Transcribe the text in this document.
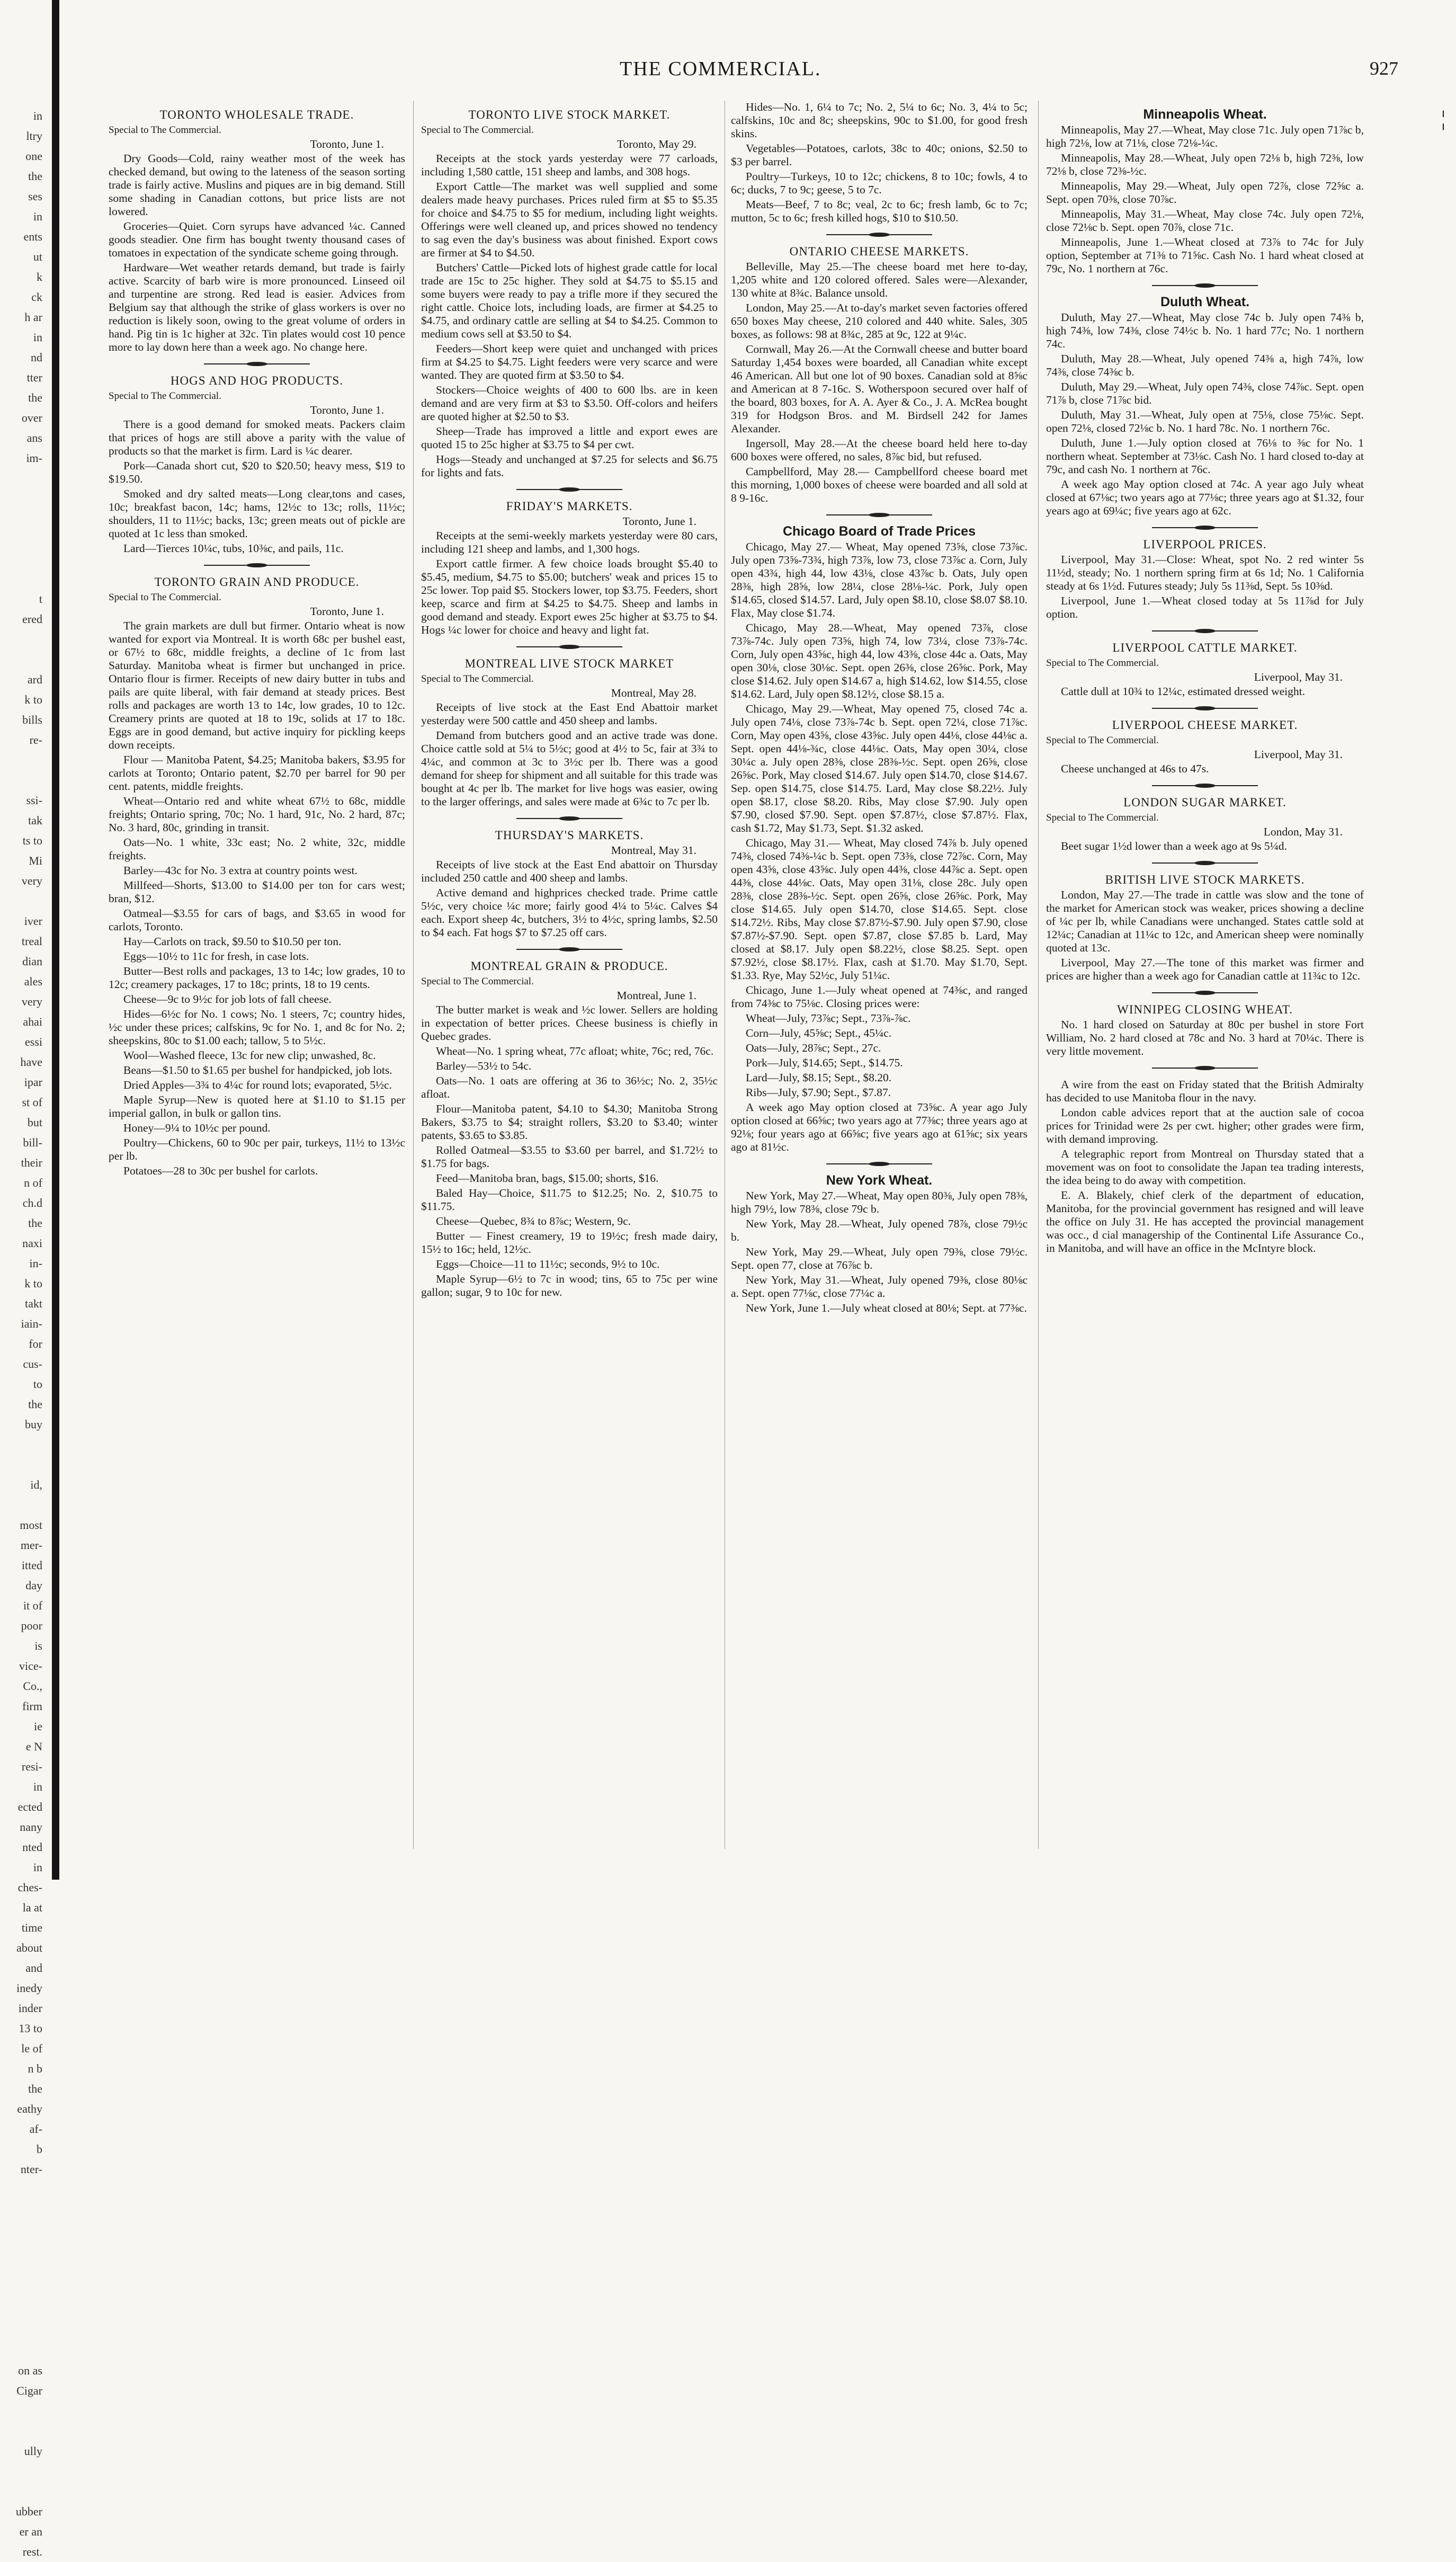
in
ltry
one
the
ses
in
ents
ut
k
ck
h ar
in
nd
tter
the
over
ans
im-
t
ered
ard
k to
bills
re-
ssi-
tak
ts to
Mi
very
iver
treal
dian
ales
very
ahai
essi
have
ipar
st of
but
bill-
their
n of
ch.d
the
naxi
in-
k to
takt
iain-
for
cus-
to
the
buy
id,
most
mer-
itted
day
it of
poor
is
vice-
Co.,
firm
ie
e N
resi-
in
ected
nany
nted
in
ches-
la at
time
about
and
inedy
inder
13 to
le of
n b
the
eathy
af-
b
nter-
on as
Cigar
ully
ubber
er an
rest.
THE COMMERCIAL.	927
¦
TORONTO WHOLESALE TRADE.
Special to The Commercial.
Toronto, June 1.

Dry Goods—Cold, rainy weather most of the week has checked demand, but owing to the lateness of the season sorting trade is fairly active. Muslins and piques are in big demand. Still some shading in Canadian cottons, but price lists are not lowered.

Groceries—Quiet. Corn syrups have advanced ¼c. Canned goods steadier. One firm has bought twenty thousand cases of tomatoes in expectation of the syndicate scheme going through.

Hardware—Wet weather retards demand, but trade is fairly active. Scarcity of barb wire is more pronounced. Linseed oil and turpentine are strong. Red lead is easier. Advices from Belgium say that although the strike of glass workers is over no reduction is likely soon, owing to the great volume of orders in hand. Pig tin is 1c higher at 32c. Tin plates would cost 10 pence more to lay down here than a week ago. No change here.

HOGS AND HOG PRODUCTS.
Special to The Commercial.
Toronto, June 1.

There is a good demand for smoked meats. Packers claim that prices of hogs are still above a parity with the value of products so that the market is firm. Lard is ¼c dearer.

Pork—Canada short cut, $20 to $20.50; heavy mess, $19 to $19.50.

Smoked and dry salted meats—Long clear,tons and cases, 10c; breakfast bacon, 14c; hams, 12½c to 13c; rolls, 11½c; shoulders, 11 to 11½c; backs, 13c; green meats out of pickle are quoted at 1c less than smoked.

Lard—Tierces 10¼c, tubs, 10⅜c, and pails, 11c.

TORONTO GRAIN AND PRODUCE.
Special to The Commercial.
Toronto, June 1.

The grain markets are dull but firmer. Ontario wheat is now wanted for export via Montreal. It is worth 68c per bushel east, or 67½ to 68c, middle freights, a decline of 1c from last Saturday. Manitoba wheat is firmer but unchanged in price. Ontario flour is firmer. Receipts of new dairy butter in tubs and pails are quite liberal, with fair demand at steady prices. Best rolls and packages are worth 13 to 14c, low grades, 10 to 12c. Creamery prints are quoted at 18 to 19c, solids at 17 to 18c. Eggs are in good demand, but active inquiry for pickling keeps down receipts.

Flour — Manitoba Patent, $4.25; Manitoba bakers, $3.95 for carlots at Toronto; Ontario patent, $2.70 per barrel for 90 per cent. patents, middle freights.

Wheat—Ontario red and white wheat 67½ to 68c, middle freights; Ontario spring, 70c; No. 1 hard, 91c, No. 2 hard, 87c; No. 3 hard, 80c, grinding in transit.

Oats—No. 1 white, 33c east; No. 2 white, 32c, middle freights.

Barley—43c for No. 3 extra at country points west.

Millfeed—Shorts, $13.00 to $14.00 per ton for cars west; bran, $12.

Oatmeal—$3.55 for cars of bags, and $3.65 in wood for carlots, Toronto.

Hay—Carlots on track, $9.50 to $10.50 per ton.

Eggs—10½ to 11c for fresh, in case lots.

Butter—Best rolls and packages, 13 to 14c; low grades, 10 to 12c; creamery packages, 17 to 18c; prints, 18 to 19 cents.

Cheese—9c to 9½c for job lots of fall cheese.

Hides—6½c for No. 1 cows; No. 1 steers, 7c; country hides, ½c under these prices; calfskins, 9c for No. 1, and 8c for No. 2; sheepskins, 80c to $1.00 each; tallow, 5 to 5½c.

Wool—Washed fleece, 13c for new clip; unwashed, 8c.

Beans—$1.50 to $1.65 per bushel for handpicked, job lots.

Dried Apples—3¾ to 4¼c for round lots; evaporated, 5½c.

Maple Syrup—New is quoted here at $1.10 to $1.15 per imperial gallon, in bulk or gallon tins.

Honey—9¼ to 10½c per pound.

Poultry—Chickens, 60 to 90c per pair, turkeys, 11½ to 13½c per lb.

Potatoes—28 to 30c per bushel for carlots.

TORONTO LIVE STOCK MARKET.
Special to The Commercial.
Toronto, May 29.

Receipts at the stock yards yesterday were 77 carloads, including 1,580 cattle, 151 sheep and lambs, and 308 hogs.

Export Cattle—The market was well supplied and some dealers made heavy purchases. Prices ruled firm at $5 to $5.35 for choice and $4.75 to $5 for medium, including light weights. Offerings were well cleaned up, and prices showed no tendency to sag even the day's business was about finished. Export cows are firmer at $4 to $4.50.

Butchers' Cattle—Picked lots of highest grade cattle for local trade are 15c to 25c higher. They sold at $4.75 to $5.15 and some buyers were ready to pay a trifle more if they secured the right cattle. Choice lots, including loads, are firmer at $4.25 to $4.75, and ordinary cattle are selling at $4 to $4.25. Common to medium cows sell at $3.50 to $4.

Feeders—Short keep were quiet and unchanged with prices firm at $4.25 to $4.75. Light feeders were very scarce and were wanted. They are quoted firm at $3.50 to $4.

Stockers—Choice weights of 400 to 600 lbs. are in keen demand and are very firm at $3 to $3.50. Off-colors and heifers are quoted higher at $2.50 to $3.

Sheep—Trade has improved a little and export ewes are quoted 15 to 25c higher at $3.75 to $4 per cwt.

Hogs—Steady and unchanged at $7.25 for selects and $6.75 for lights and fats.

FRIDAY'S MARKETS.
Toronto, June 1.

Receipts at the semi-weekly markets yesterday were 80 cars, including 121 sheep and lambs, and 1,300 hogs.

Export cattle firmer. A few choice loads brought $5.40 to $5.45, medium, $4.75 to $5.00; butchers' weak and prices 15 to 25c lower. Top paid $5. Stockers lower, top $3.75. Feeders, short keep, scarce and firm at $4.25 to $4.75. Sheep and lambs in good demand and steady. Export ewes 25c higher at $3.75 to $4. Hogs ¼c lower for choice and heavy and light fat.

MONTREAL LIVE STOCK MARKET
Special to The Commercial.
Montreal, May 28.

Receipts of live stock at the East End Abattoir market yesterday were 500 cattle and 450 sheep and lambs.

Demand from butchers good and an active trade was done. Choice cattle sold at 5¼ to 5½c; good at 4½ to 5c, fair at 3¾ to 4¼c, and common at 3c to 3½c per lb. There was a good demand for sheep for shipment and all suitable for this trade was bought at 4c per lb. The market for live hogs was easier, owing to the larger offerings, and sales were made at 6¾c to 7c per lb.

THURSDAY'S MARKETS.
Montreal, May 31.

Receipts of live stock at the East End abattoir on Thursday included 250 cattle and 400 sheep and lambs.

Active demand and highprices checked trade. Prime cattle 5½c, very choice ¼c more; fairly good 4¼ to 5¼c. Calves $4 each. Export sheep 4c, butchers, 3½ to 4½c, spring lambs, $2.50 to $4 each. Fat hogs $7 to $7.25 off cars.

MONTREAL GRAIN & PRODUCE.
Special to The Commercial.
Montreal, June 1.

The butter market is weak and ½c lower. Sellers are holding in expectation of better prices. Cheese business is chiefly in Quebec grades.

Wheat—No. 1 spring wheat, 77c afloat; white, 76c; red, 76c.

Barley—53½ to 54c.

Oats—No. 1 oats are offering at 36 to 36½c; No. 2, 35½c afloat.

Flour—Manitoba patent, $4.10 to $4.30; Manitoba Strong Bakers, $3.75 to $4; straight rollers, $3.20 to $3.40; winter patents, $3.65 to $3.85.

Rolled Oatmeal—$3.55 to $3.60 per barrel, and $1.72½ to $1.75 for bags.

Feed—Manitoba bran, bags, $15.00; shorts, $16.

Baled Hay—Choice, $11.75 to $12.25; No. 2, $10.75 to $11.75.

Cheese—Quebec, 8¾ to 8⅞c; Western, 9c.

Butter — Finest creamery, 19 to 19½c; fresh made dairy, 15½ to 16c; held, 12½c.

Eggs—Choice—11 to 11½c; seconds, 9½ to 10c.

Maple Syrup—6½ to 7c in wood; tins, 65 to 75c per wine gallon; sugar, 9 to 10c for new.

Hides—No. 1, 6¼ to 7c; No. 2, 5¼ to 6c; No. 3, 4¼ to 5c; calfskins, 10c and 8c; sheepskins, 90c to $1.00, for good fresh skins.

Vegetables—Potatoes, carlots, 38c to 40c; onions, $2.50 to $3 per barrel.

Poultry—Turkeys, 10 to 12c; chickens, 8 to 10c; fowls, 4 to 6c; ducks, 7 to 9c; geese, 5 to 7c.

Meats—Beef, 7 to 8c; veal, 2c to 6c; fresh lamb, 6c to 7c; mutton, 5c to 6c; fresh killed hogs, $10 to $10.50.

ONTARIO CHEESE MARKETS.

Belleville, May 25.—The cheese board met here to-day, 1,205 white and 120 colored offered. Sales were—Alexander, 130 white at 8¾c. Balance unsold.

London, May 25.—At to-day's market seven factories offered 650 boxes May cheese, 210 colored and 440 white. Sales, 305 boxes, as follows: 98 at 8¾c, 285 at 9c, 122 at 9¼c.

Cornwall, May 26.—At the Cornwall cheese and butter board Saturday 1,454 boxes were boarded, all Canadian white except 46 American. All but one lot of 90 boxes. Canadian sold at 8⅝c and American at 8 7-16c. S. Wotherspoon secured over half of the board, 803 boxes, for A. A. Ayer & Co., J. A. McRea bought 319 for Hodgson Bros. and M. Birdsell 242 for James Alexander.

Ingersoll, May 28.—At the cheese board held here to-day 600 boxes were offered, no sales, 8⅞c bid, but refused.

Campbellford, May 28.— Campbellford cheese board met this morning, 1,000 boxes of cheese were boarded and all sold at 8 9-16c.

Chicago Board of Trade Prices

Chicago, May 27.— Wheat, May opened 73⅝, close 73⅞c. July open 73⅝-73¾, high 73⅞, low 73, close 73⅞c a. Corn, July open 43¾, high 44, low 43⅛, close 43⅞c b. Oats, July open 28⅜, high 28⅝, low 28¼, close 28⅛-¼c. Pork, July open $14.65, closed $14.57. Lard, July open $8.10, close $8.07 $8.10. Flax, May close $1.74.

Chicago, May 28.—Wheat, May opened 73⅞, close 73⅞-74c. July open 73⅝, high 74, low 73¼, close 73⅞-74c. Corn, July open 43⅝c, high 44, low 43⅜, close 44c a. Oats, May open 30⅛, close 30⅛c. Sept. open 26⅜, close 26⅝c. Pork, May close $14.62. July open $14.67 a, high $14.62, low $14.55, close $14.62. Lard, July open $8.12½, close $8.15 a.

Chicago, May 29.—Wheat, May opened 75, closed 74c a. July open 74⅛, close 73⅞-74c b. Sept. open 72¼, close 71⅞c. Corn, May open 43⅝, close 43⅝c. July open 44⅛, close 44⅛c a. Sept. open 44⅛-¾c, close 44⅛c. Oats, May open 30¼, close 30¼c a. July open 28⅜, close 28⅜-½c. Sept. open 26⅝, close 26⅝c. Pork, May closed $14.67. July open $14.70, close $14.67. Sep. open $14.75, close $14.75. Lard, May close $8.22½. July open $8.17, close $8.20. Ribs, May close $7.90. July open $7.90, closed $7.90. Sept. open $7.87½, close $7.87½. Flax, cash $1.72, May $1.73, Sept. $1.32 asked.

Chicago, May 31.— Wheat, May closed 74⅞ b. July opened 74⅜, closed 74⅜-¼c b. Sept. open 73⅜, close 72⅞c. Corn, May open 43⅝, close 43⅝c. July open 44⅜, close 44⅞c a. Sept. open 44⅜, close 44⅛c. Oats, May open 31⅛, close 28c. July open 28⅜, close 28⅜-½c. Sept. open 26⅝, close 26⅝c. Pork, May close $14.65. July open $14.70, close $14.65. Sept. close $14.72½. Ribs, May close $7.87½-$7.90. July open $7.90, close $7.87½-$7.90. Sept. open $7.87, close $7.85 b. Lard, May closed at $8.17. July open $8.22½, close $8.25. Sept. open $7.92½, close $8.17½. Flax, cash at $1.70. May $1.70, Sept. $1.33. Rye, May 52½c, July 51¼c.

Chicago, June 1.—July wheat opened at 74⅜c, and ranged from 74⅜c to 75⅛c. Closing prices were:

Wheat—July, 73⅞c; Sept., 73⅞-⅞c.

Corn—July, 45⅝c; Sept., 45¼c.

Oats—July, 28⅞c; Sept., 27c.

Pork—July, $14.65; Sept., $14.75.

Lard—July, $8.15; Sept., $8.20.

Ribs—July, $7.90; Sept., $7.87.

A week ago May option closed at 73⅝c. A year ago July option closed at 66⅝c; two years ago at 77⅜c; three years ago at 92⅛; four years ago at 66⅝c; five years ago at 61⅝c; six years ago at 81½c.

New York Wheat.

New York, May 27.—Wheat, May open 80⅜, July open 78⅜, high 79½, low 78⅜, close 79c b.

New York, May 28.—Wheat, July opened 78⅞, close 79½c b.

New York, May 29.—Wheat, July open 79⅜, close 79½c. Sept. open 77, close at 76⅞c b.

New York, May 31.—Wheat, July opened 79⅜, close 80⅛c a. Sept. open 77⅛c, close 77¼c a.

New York, June 1.—July wheat closed at 80⅛; Sept. at 77⅜c.

Minneapolis Wheat.

Minneapolis, May 27.—Wheat, May close 71c. July open 71⅞c b, high 72⅛, low at 71⅛, close 72⅛-¼c.

Minneapolis, May 28.—Wheat, July open 72⅛ b, high 72⅜, low 72⅛ b, close 72⅜-½c.

Minneapolis, May 29.—Wheat, July open 72⅞, close 72⅝c a. Sept. open 70⅜, close 70⅞c.

Minneapolis, May 31.—Wheat, May close 74c. July open 72⅛, close 72⅛c b. Sept. open 70⅞, close 71c.

Minneapolis, June 1.—Wheat closed at 73⅞ to 74c for July option, September at 71⅜ to 71⅝c. Cash No. 1 hard wheat closed at 79c, No. 1 northern at 76c.

Duluth Wheat.

Duluth, May 27.—Wheat, May close 74c b. July open 74⅜ b, high 74⅜, low 74⅜, close 74½c b. No. 1 hard 77c; No. 1 northern 74c.

Duluth, May 28.—Wheat, July opened 74⅜ a, high 74⅞, low 74⅜, close 74⅜c b.

Duluth, May 29.—Wheat, July open 74⅜, close 74⅞c. Sept. open 71⅞ b, close 71⅞c bid.

Duluth, May 31.—Wheat, July open at 75⅛, close 75⅛c. Sept. open 72⅛, closed 72⅛c b. No. 1 hard 78c. No. 1 northern 76c.

Duluth, June 1.—July option closed at 76⅛ to ⅜c for No. 1 northern wheat. September at 73⅛c. Cash No. 1 hard closed to-day at 79c, and cash No. 1 northern at 76c.

A week ago May option closed at 74c. A year ago July wheat closed at 67⅛c; two years ago at 77⅛c; three years ago at $1.32, four years ago at 69¼c; five years ago at 62c.

LIVERPOOL PRICES.

Liverpool, May 31.—Close: Wheat, spot No. 2 red winter 5s 11½d, steady; No. 1 northern spring firm at 6s 1d; No. 1 California steady at 6s 1½d. Futures steady; July 5s 11⅜d, Sept. 5s 10⅜d.

Liverpool, June 1.—Wheat closed today at 5s 11⅞d for July option.

LIVERPOOL CATTLE MARKET.
Special to The Commercial.
Liverpool, May 31.

Cattle dull at 10¾ to 12¼c, estimated dressed weight.

LIVERPOOL CHEESE MARKET.
Special to The Commercial.
Liverpool, May 31.

Cheese unchanged at 46s to 47s.

LONDON SUGAR MARKET.
Special to The Commercial.
London, May 31.

Beet sugar 1½d lower than a week ago at 9s 5¼d.

BRITISH LIVE STOCK MARKETS.

London, May 27.—The trade in cattle was slow and the tone of the market for American stock was weaker, prices showing a decline of ¼c per lb, while Canadians were unchanged. States cattle sold at 12¼c; Canadian at 11¼c to 12c, and American sheep were nominally quoted at 13c.

Liverpool, May 27.—The tone of this market was firmer and prices are higher than a week ago for Canadian cattle at 11¾c to 12c.

WINNIPEG CLOSING WHEAT.

No. 1 hard closed on Saturday at 80c per bushel in store Fort William, No. 2 hard closed at 78c and No. 3 hard at 70¼c. There is very little movement.

A wire from the east on Friday stated that the British Admiralty has decided to use Manitoba flour in the navy.

London cable advices report that at the auction sale of cocoa prices for Trinidad were 2s per cwt. higher; other grades were firm, with demand improving.

A telegraphic report from Montreal on Thursday stated that a movement was on foot to consolidate the Japan tea trading interests, the idea being to do away with competition.

E. A. Blakely, chief clerk of the department of education, Manitoba, for the provincial government has resigned and will leave the office on July 31. He has accepted the provincial management was occ., d cial managership of the Continental Life Assurance Co., in Manitoba, and will have an office in the McIntyre block.
